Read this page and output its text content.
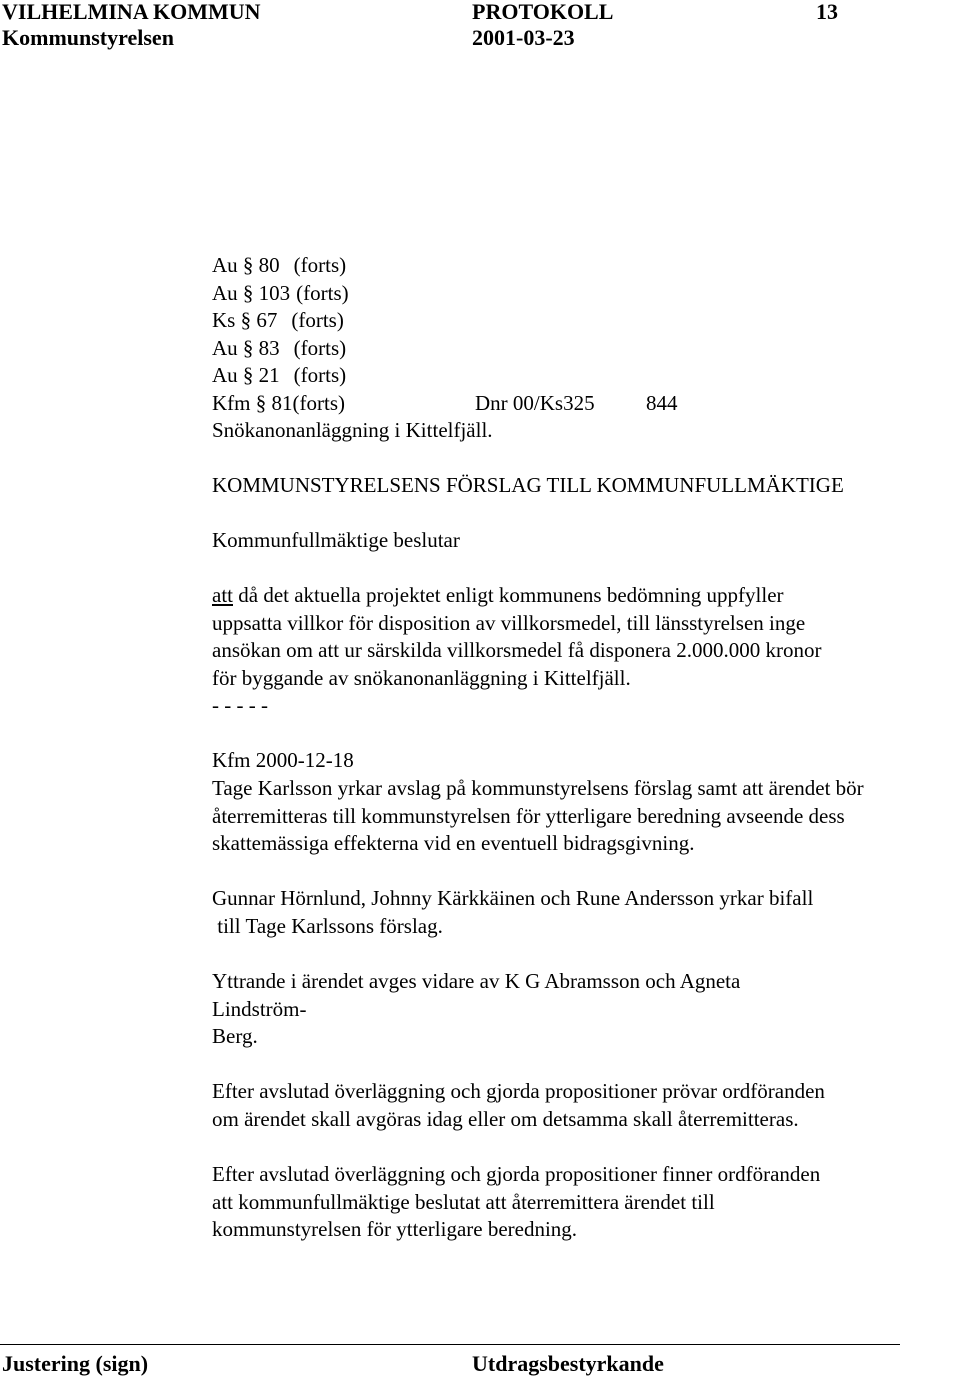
VILHELMINA KOMMUN	PROTOKOLL	13
Kommunstyrelsen	2001-03-23
Au § 80 (forts)
Au § 103 (forts)
Ks § 67 (forts)
Au § 83 (forts)
Au § 21 (forts)
Kfm § 81(forts)	Dnr 00/Ks325 844
Snökanonanläggning i Kittelfjäll.
KOMMUNSTYRELSENS FÖRSLAG TILL KOMMUNFULLMÄKTIGE
Kommunfullmäktige beslutar
att då det aktuella projektet enligt kommunens bedömning uppfyller
uppsatta villkor för disposition av villkorsmedel, till länsstyrelsen inge
ansökan om att ur särskilda villkorsmedel få disponera 2.000.000 kronor
för byggande av snökanonanläggning i Kittelfjäll.
- - - - -
Kfm 2000-12-18
Tage Karlsson yrkar avslag på kommunstyrelsens förslag samt att ärendet bör
återremitteras till kommunstyrelsen för ytterligare beredning avseende dess
skattemässiga effekterna vid en eventuell bidragsgivning.
Gunnar Hörnlund, Johnny Kärkkäinen och Rune Andersson yrkar bifall
till Tage Karlssons förslag.
Yttrande i ärendet avges vidare av K G Abramsson och Agneta
Lindström-
Berg.
Efter avslutad överläggning och gjorda propositioner prövar ordföranden
om ärendet skall avgöras idag eller om detsamma skall återremitteras.
Efter avslutad överläggning och gjorda propositioner finner ordföranden
att kommunfullmäktige beslutat att återremittera ärendet till
kommunstyrelsen för ytterligare beredning.
Justering (sign)	Utdragsbestyrkande
